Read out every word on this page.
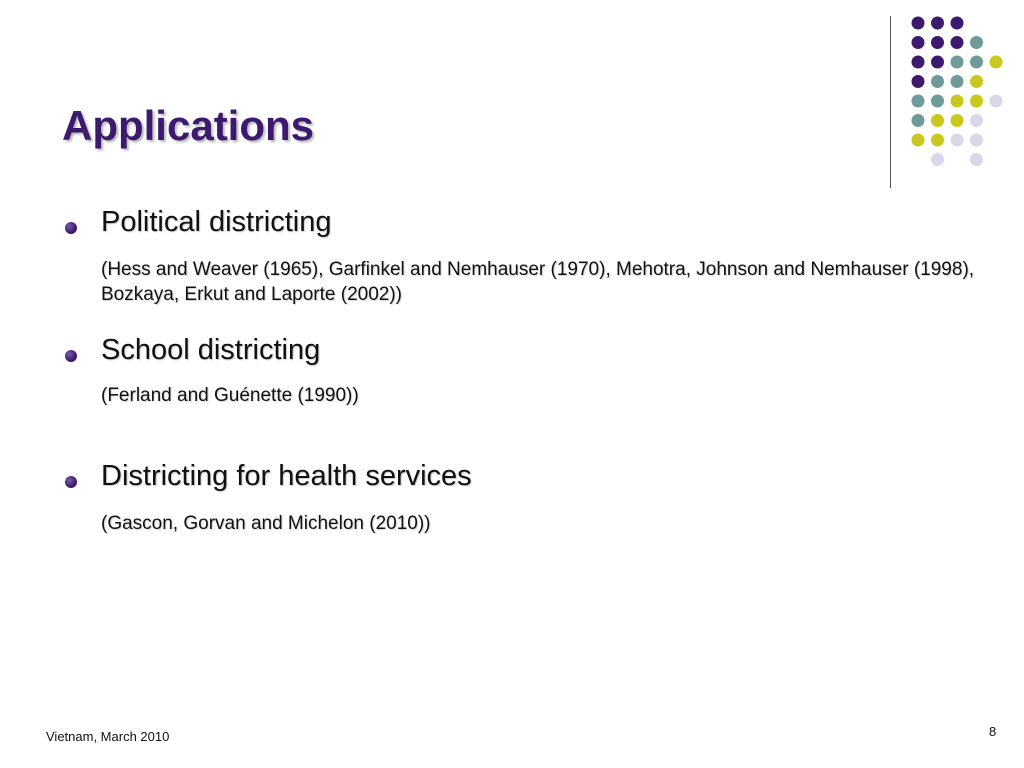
Applications
Political districting
(Hess and Weaver (1965), Garfinkel and Nemhauser (1970), Mehotra, Johnson and Nemhauser (1998), Bozkaya, Erkut and Laporte (2002))
School districting
(Ferland and Guénette (1990))
Districting for health services
(Gascon, Gorvan and Michelon (2010))
Vietnam, March 2010	8
